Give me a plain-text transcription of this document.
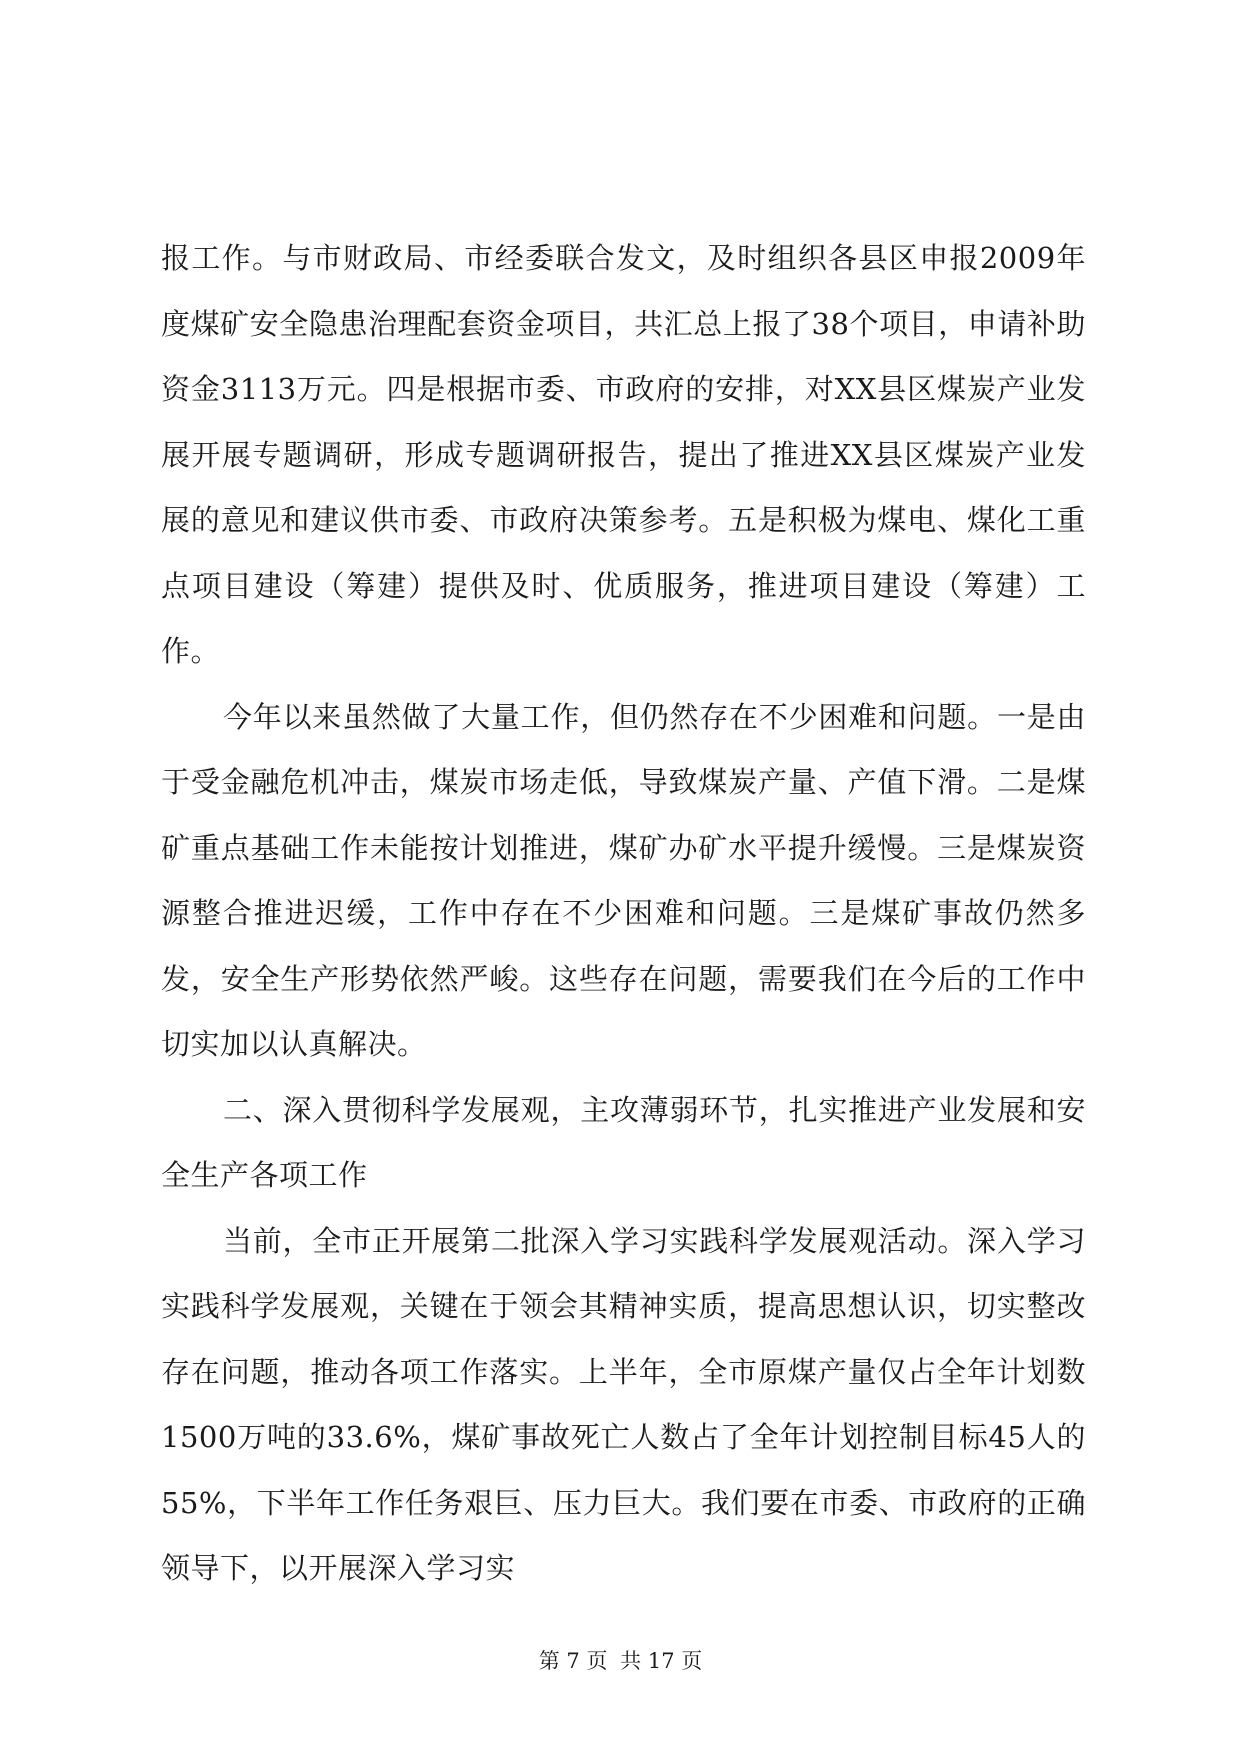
报工作。与市财政局、市经委联合发文，及时组织各县区申报2009年度煤矿安全隐患治理配套资金项目，共汇总上报了38个项目，申请补助资金3113万元。四是根据市委、市政府的安排，对XX县区煤炭产业发展开展专题调研，形成专题调研报告，提出了推进XX县区煤炭产业发展的意见和建议供市委、市政府决策参考。五是积极为煤电、煤化工重点项目建设（筹建）提供及时、优质服务，推进项目建设（筹建）工作。

今年以来虽然做了大量工作，但仍然存在不少困难和问题。一是由于受金融危机冲击，煤炭市场走低，导致煤炭产量、产值下滑。二是煤矿重点基础工作未能按计划推进，煤矿办矿水平提升缓慢。三是煤炭资源整合推进迟缓，工作中存在不少困难和问题。三是煤矿事故仍然多发，安全生产形势依然严峻。这些存在问题，需要我们在今后的工作中切实加以认真解决。

二、深入贯彻科学发展观，主攻薄弱环节，扎实推进产业发展和安全生产各项工作

当前，全市正开展第二批深入学习实践科学发展观活动。深入学习实践科学发展观，关键在于领会其精神实质，提高思想认识，切实整改存在问题，推动各项工作落实。上半年，全市原煤产量仅占全年计划数1500万吨的33.6%，煤矿事故死亡人数占了全年计划控制目标45人的55%，下半年工作任务艰巨、压力巨大。我们要在市委、市政府的正确领导下，以开展深入学习实

第 7 页 共 17 页
